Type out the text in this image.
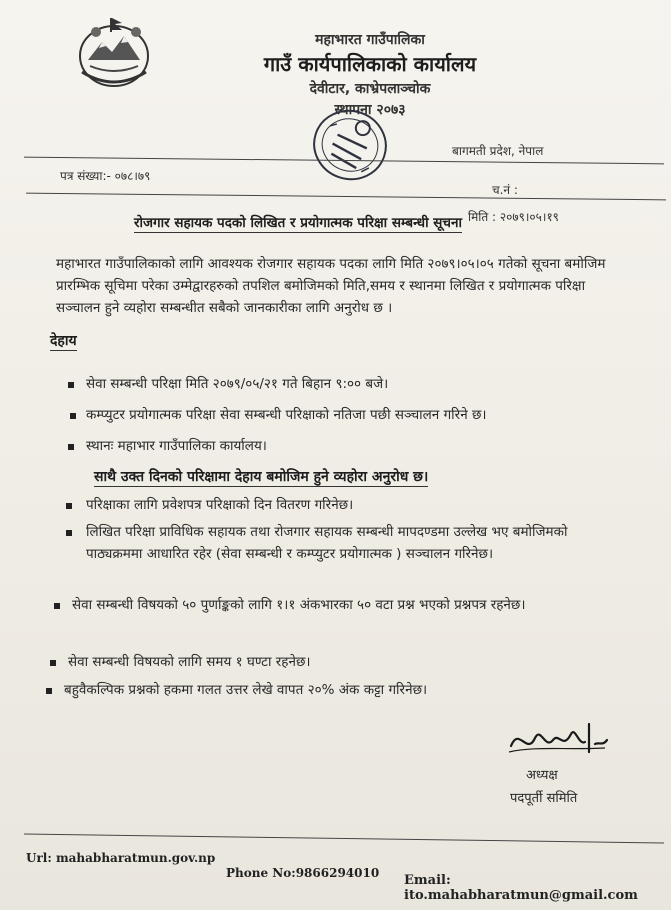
महाभारत गाउँपालिका
गाउँ कार्यपालिकाको कार्यालय
देवीटार, काभ्रेपलाञ्चोक
स्थापना २०७३
बागमती प्रदेश, नेपाल
पत्र संख्या:- ०७८।७९
च.नं :
मिति : २०७९।०५।१९
रोजगार सहायक पदको लिखित र प्रयोगात्मक परिक्षा सम्बन्धी सूचना
महाभारत गाउँपालिकाको लागि आवश्यक रोजगार सहायक पदका लागि मिति २०७९।०५।०५ गतेको सूचना बमोजिम प्रारम्भिक सूचिमा परेका उम्मेद्वारहरुको तपशिल बमोजिमको मिति,समय र स्थानमा लिखित र प्रयोगात्मक परिक्षा सञ्चालन हुने व्यहोरा सम्बन्धीत सबैको जानकारीका लागि अनुरोध छ ।
देहाय
सेवा सम्बन्धी परिक्षा मिति २०७९/०५/२१ गते बिहान ९:०० बजे।
कम्प्युटर प्रयोगात्मक परिक्षा सेवा सम्बन्धी परिक्षाको नतिजा पछी सञ्चालन गरिने छ।
स्थानः महाभार गाउँपालिका कार्यालय।
साथै उक्त दिनको परिक्षामा देहाय बमोजिम हुने व्यहोरा अनुरोध छ।
परिक्षाका लागि प्रवेशपत्र परिक्षाको दिन वितरण गरिनेछ।
लिखित परिक्षा प्राविधिक सहायक तथा रोजगार सहायक सम्बन्धी मापदण्डमा उल्लेख भए बमोजिमको पाठ्यक्रममा आधारित रहेर (सेवा सम्बन्धी र कम्प्युटर प्रयोगात्मक ) सञ्चालन गरिनेछ।
सेवा सम्बन्धी विषयको ५० पुर्णाङ्कको लागि १।१ अंकभारका ५० वटा प्रश्न भएको प्रश्नपत्र रहनेछ।
सेवा सम्बन्धी विषयको लागि समय १ घण्टा रहनेछ।
बहुवैकल्पिक प्रश्नको हकमा गलत उत्तर लेखे वापत २०% अंक कट्टा गरिनेछ।
अध्यक्ष
पदपूर्ती समिति
Url: mahabharatmun.gov.np
Phone No:9866294010 Email: ito.mahabharatmun@gmail.com
